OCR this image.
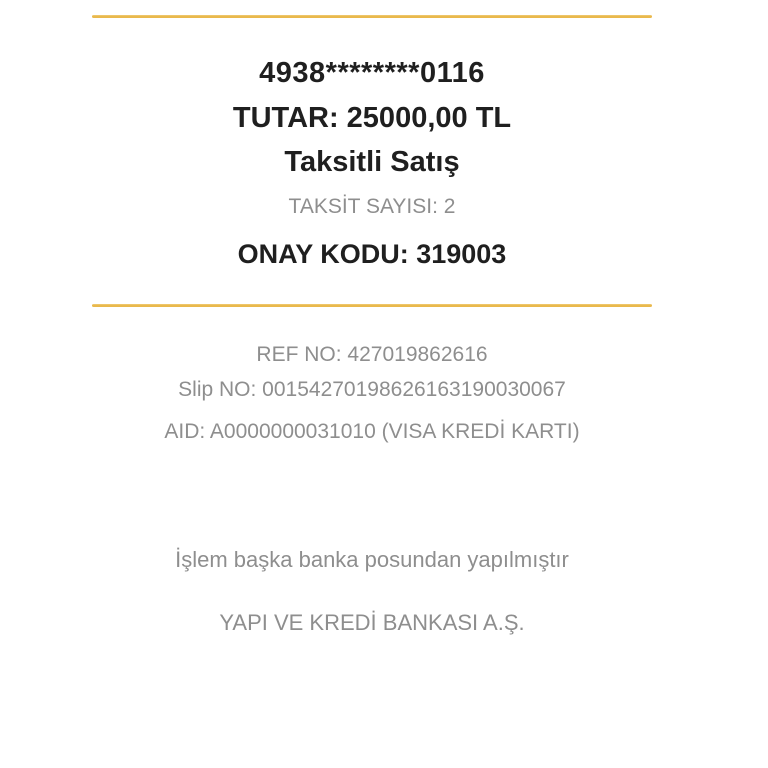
4938********0116

TUTAR: 25000,00 TL

Taksitli Satış

TAKSİT SAYISI: 2

ONAY KODU: 319003

REF NO: 427019862616

Slip NO: 00154270198626163190030067

AID: A0000000031010 (VISA KREDİ KARTI)

İşlem başka banka posundan yapılmıştır

YAPI VE KREDİ BANKASI A.Ş.
